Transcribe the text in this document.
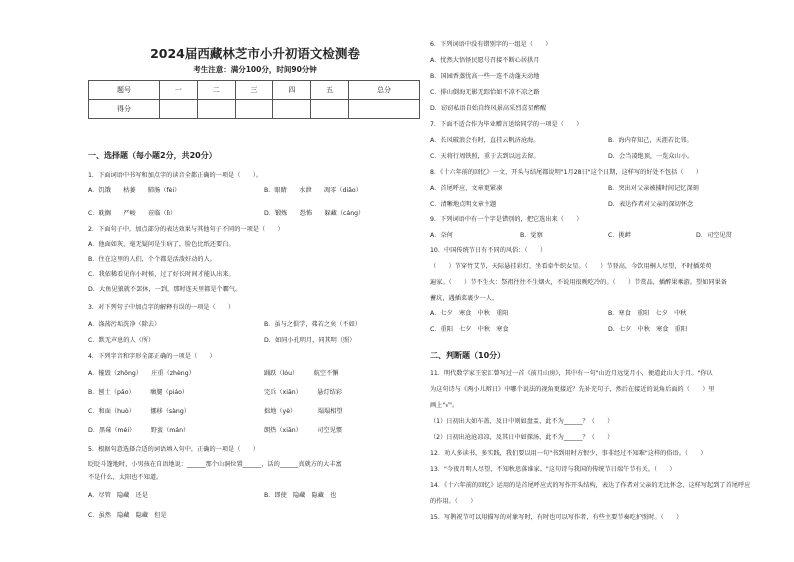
2024届西藏林芝市小升初语文检测卷
考生注意：满分100分，时间90分钟
题号	一	二	三	四	五	总分
得分						
一、选择题（每小题2分，共20分）
1．下面词语中书写和加点字的读音全都正确的一项是（　　）。
A．饥饿　　枯萎　　肺肠（fèi）	B．眼睛　　水泄　　凋零（diāo）
C．耽搁　　严峻　　莅临（lì）	D．锻炼　　恐怖　　躲藏（cáng）
2．下面句子中，加点部分的表达效果与其他句子不同的一项是（　　）
A．他面如灰，毫无疑问是生病了，脸色比纸还要白。
B．住在这里的人们，个个都是活泼好动的人。
C．我依稀看见你小时候，过了好长时间才能认出来。
D．大鱼见狼就不罢休，一到，那时连天里都是个霸气。
3．对下列句子中加点字的解释有误的一项是（　　）
A．涤荡污垢洗净（除去）	B．虽与之俱学，弗若之矣（不如）
C．默无声息的人（所）	D．如同小孔明月，同其明（照）
4．下列字音和字形全部正确的一项是（　　）
A．摧毁（zhǒng）　　庄重（zhèng）	踊跃（lóu）　　　航空不懈
B．刨土（pǎo）　　　瘸腿（piáo）	完兵（xiān）　　　悬灯结彩
C．和面（huò）　　　挪移（sàng）	拙地（yè）　　　　塌塌相望
D．黑莓（méi）　　　野蛮（mán）	朗热（xiān）　　　司空见惯
5．根据句意选择合适的词语填入句中，正确的一项是（　　）
眨眨斗篷地时，小男孩在自语地说：______那个山洞位置______，话的______真就方的大丰富
不是什么，太阳也不知道。
A．尽管　隐藏　还是	B．即使　隐藏　隐藏　也
C．虽然　隐藏　隐藏　但是
6．下列词语中没有错别字的一组是（　　）
A．忧然大悟怪民愿号召接不断心居拱月
B．国园香蒸忧高一些一连不动蓬天动地
C．排山倒海无影无踪恰如不凉不凉之路
D．窃窃私语自始自终风景高采烈喜星醉醒
7．下面不适合作为毕业赠言送给同学的一项是（　　）
A．长风破浪会有时，直挂云帆济沧海。	B．海内存知己，天涯若比邻。
C．天将行周铁照，重于去到以远去留。	D．会当凌绝顶，一览众山小。
8．《十六年前的回忆》一文，开头与结尾都说明"1月28日"这个日期，这样写的好处不包括（　　）
A．首尾呼应，文章更紧凑	B．突出对父亲被捕时间记忆深刻
C．清晰地点明文章主题	D．表达作者对父亲的深切怀念
9．下列词语中有一个字是错别的，把它选出来（　　）
A．奈何	B．觉察	C．挑衅	D．司空见贯
10．中国传统节日有不同的风俗：（　　）
（　　）节穿竹艾节，天际悬挂彩灯，坐看牵牛织女星。（　　）节登高，今饮用桐人尽望，不时插茱萸
遍家。（　　）节不生火：祭祖往往不生烟火，不说用很晚吃冷的。（　　）节赏品，插醉果乘游。望如同果备
蓄坑，遇插菜裹少一人。
A．七夕　寒食　中秋　重阳	B．寒食　重阳　七夕　中秋
C．重阳　七夕　中秋　寒食	D．七夕　中秋　寒食　重阳
11．明代数学家王宏汇曾写过一首《前月山房》，其中有一句"山近月远觉月小，便道此山大于月。"你认
为这句诗与《两小儿辩日》中哪个说法的视角更接近？先补充句子，然后在接近的说角后面的（　　）里
画上"√"。
（1）日初出大如车盖，及日中则如盘盂，此不为______？（　　）
（2）日初出沧沧凉凉，及其日中如探汤，此不为______？（　　）
12．劝人多读书，多实践，我们要以用一句"书到用时方恨少，事非经过不知难"这样的俗语。（　　）
13．"今夜月明人尽望，不知秋思落谁家。"这句诗与我国的传统节日端午节有关。（　　）
14．《十六年前的回忆》运用的是首尾呼应式的写作开头结构，表达了作者对父亲的无比怀念，这样写起到了首尾呼应
的作用。（　　）
15．写鹊祝节可以用描写的对象写时，有时也可以写作者，有些主要节奏吃护照时。（　　）
二、判断题（10分）
